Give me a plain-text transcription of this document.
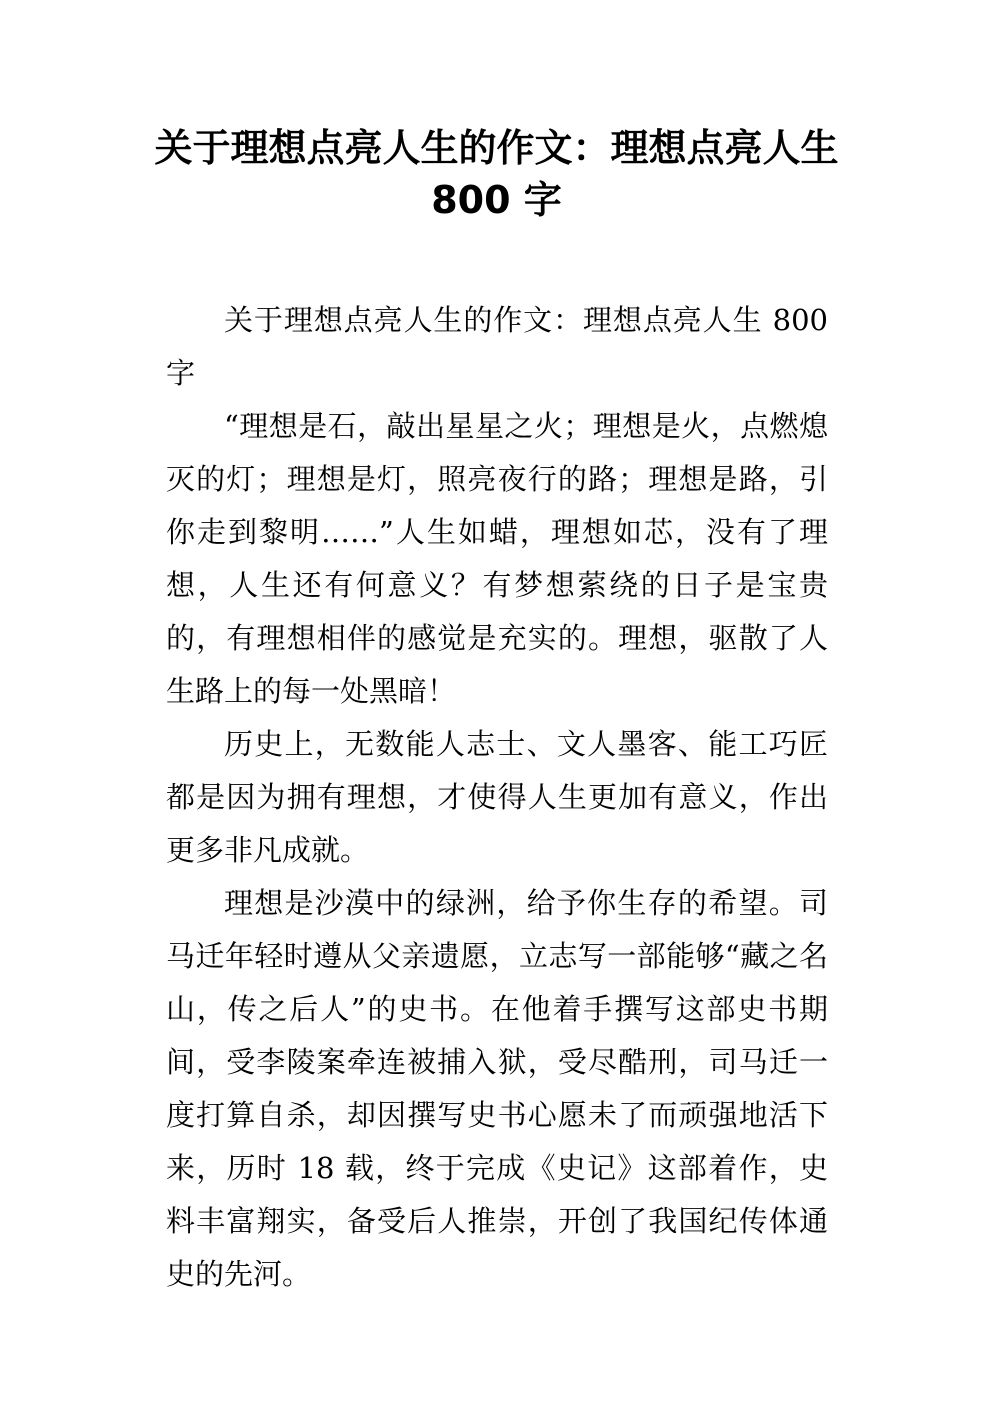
关于理想点亮人生的作文：理想点亮人生 800 字

关于理想点亮人生的作文：理想点亮人生 800 字

“理想是石，敲出星星之火；理想是火，点燃熄灭的灯；理想是灯，照亮夜行的路；理想是路，引你走到黎明……”人生如蜡，理想如芯，没有了理想，人生还有何意义？有梦想萦绕的日子是宝贵的，有理想相伴的感觉是充实的。理想，驱散了人生路上的每一处黑暗！

历史上，无数能人志士、文人墨客、能工巧匠都是因为拥有理想，才使得人生更加有意义，作出更多非凡成就。

理想是沙漠中的绿洲，给予你生存的希望。司马迁年轻时遵从父亲遗愿，立志写一部能够“藏之名山，传之后人”的史书。在他着手撰写这部史书期间，受李陵案牵连被捕入狱，受尽酷刑，司马迁一度打算自杀，却因撰写史书心愿未了而顽强地活下来，历时 18 载，终于完成《史记》这部着作，史料丰富翔实，备受后人推崇，开创了我国纪传体通史的先河。
